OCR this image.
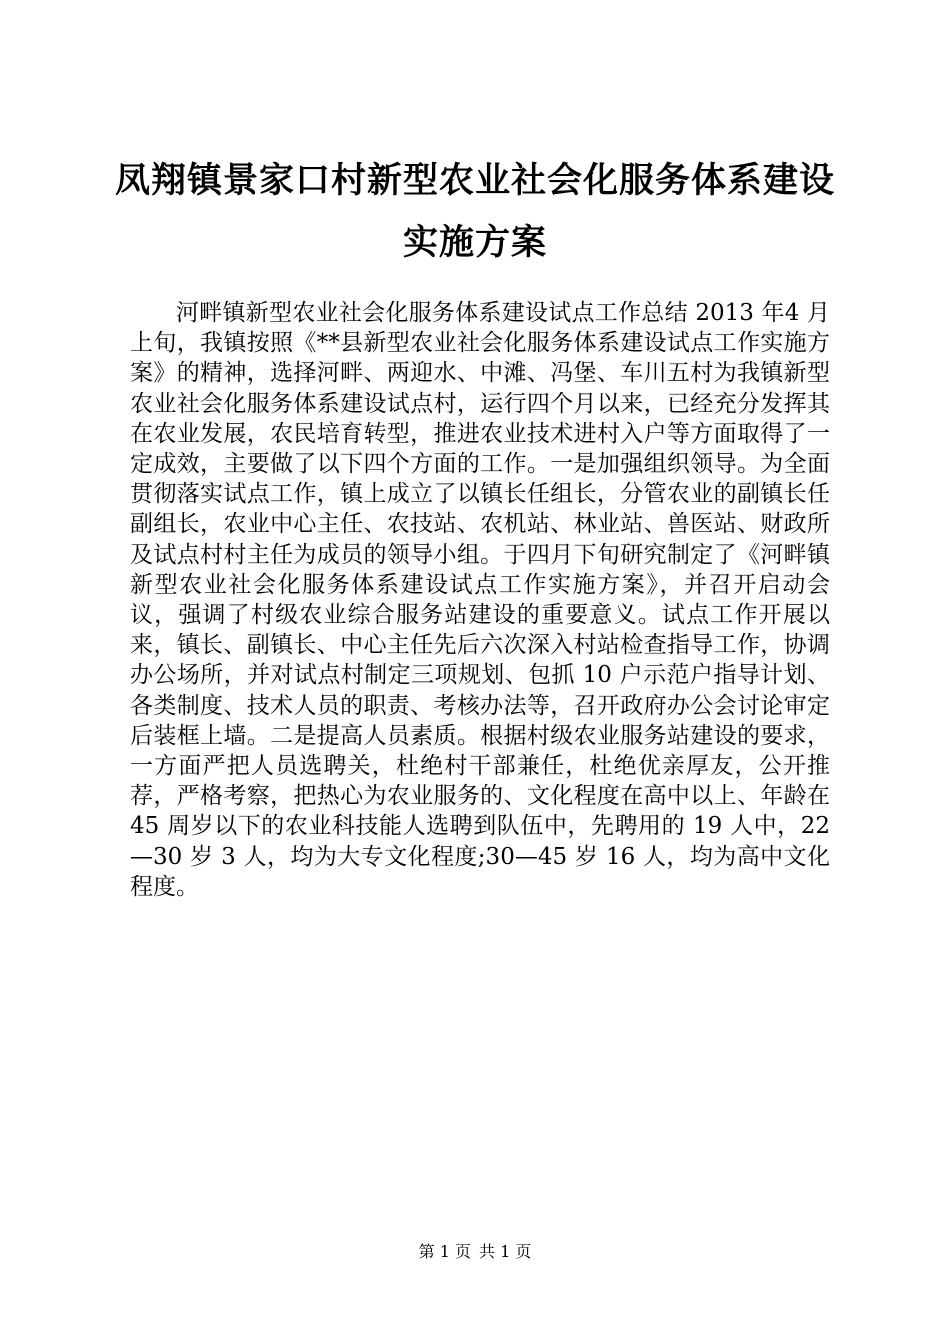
凤翔镇景家口村新型农业社会化服务体系建设
实施方案

河畔镇新型农业社会化服务体系建设试点工作总结 2013 年4 月上旬，我镇按照《**县新型农业社会化服务体系建设试点工作实施方案》的精神，选择河畔、两迎水、中滩、冯堡、车川五村为我镇新型农业社会化服务体系建设试点村，运行四个月以来，已经充分发挥其在农业发展，农民培育转型，推进农业技术进村入户等方面取得了一定成效，主要做了以下四个方面的工作。一是加强组织领导。为全面贯彻落实试点工作，镇上成立了以镇长任组长，分管农业的副镇长任副组长，农业中心主任、农技站、农机站、林业站、兽医站、财政所及试点村村主任为成员的领导小组。于四月下旬研究制定了《河畔镇新型农业社会化服务体系建设试点工作实施方案》，并召开启动会议，强调了村级农业综合服务站建设的重要意义。试点工作开展以来，镇长、副镇长、中心主任先后六次深入村站检查指导工作，协调办公场所，并对试点村制定三项规划、包抓 10 户示范户指导计划、各类制度、技术人员的职责、考核办法等，召开政府办公会讨论审定后装框上墙。二是提高人员素质。根据村级农业服务站建设的要求，一方面严把人员选聘关，杜绝村干部兼任，杜绝优亲厚友，公开推荐，严格考察，把热心为农业服务的、文化程度在高中以上、年龄在 45 周岁以下的农业科技能人选聘到队伍中，先聘用的 19 人中，22—30 岁 3 人，均为大专文化程度;30—45 岁 16 人，均为高中文化程度。

第 1 页 共 1 页
